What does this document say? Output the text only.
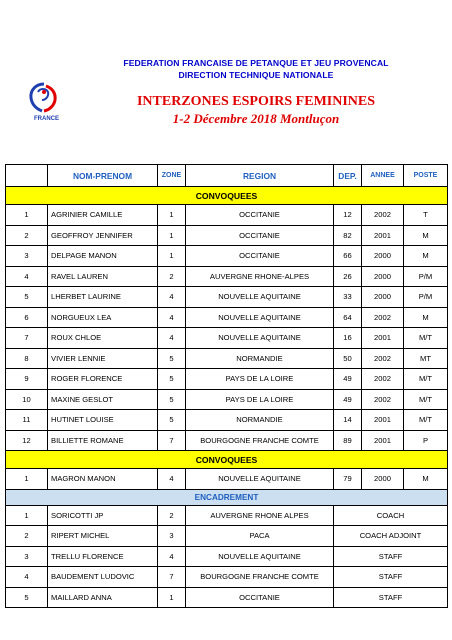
FRANCE
FEDERATION FRANCAISE DE PETANQUE ET JEU PROVENCAL
DIRECTION TECHNIQUE NATIONALE
INTERZONES ESPOIRS FEMININES
1-2 Décembre 2018 Montluçon
	NOM-PRENOM	ZONE	REGION	DEP.	ANNEE	POSTE
CONVOQUEES						
1	AGRINIER CAMILLE	1	OCCITANIE	12	2002	T
2	GEOFFROY JENNIFER	1	OCCITANIE	82	2001	M
3	DELPAGE MANON	1	OCCITANIE	66	2000	M
4	RAVEL LAUREN	2	AUVERGNE RHONE-ALPES	26	2000	P/M
5	LHERBET LAURINE	4	NOUVELLE AQUITAINE	33	2000	P/M
6	NORGUEUX LEA	4	NOUVELLE AQUITAINE	64	2002	M
7	ROUX CHLOE	4	NOUVELLE AQUITAINE	16	2001	M/T
8	VIVIER LENNIE	5	NORMANDIE	50	2002	MT
9	ROGER FLORENCE	5	PAYS DE LA LOIRE	49	2002	M/T
10	MAXINE GESLOT	5	PAYS DE LA LOIRE	49	2002	M/T
11	HUTINET LOUISE	5	NORMANDIE	14	2001	M/T
12	BILLIETTE ROMANE	7	BOURGOGNE FRANCHE COMTE	89	2001	P
CONVOQUEES						
1	MAGRON MANON	4	NOUVELLE AQUITAINE	79	2000	M
ENCADREMENT						
1	SORICOTTI JP	2	AUVERGNE RHONE ALPES	COACH		
2	RIPERT MICHEL	3	PACA	COACH ADJOINT		
3	TRELLU FLORENCE	4	NOUVELLE AQUITAINE	STAFF		
4	BAUDEMENT LUDOVIC	7	BOURGOGNE FRANCHE COMTE	STAFF		
5	MAILLARD ANNA	1	OCCITANIE	STAFF		
